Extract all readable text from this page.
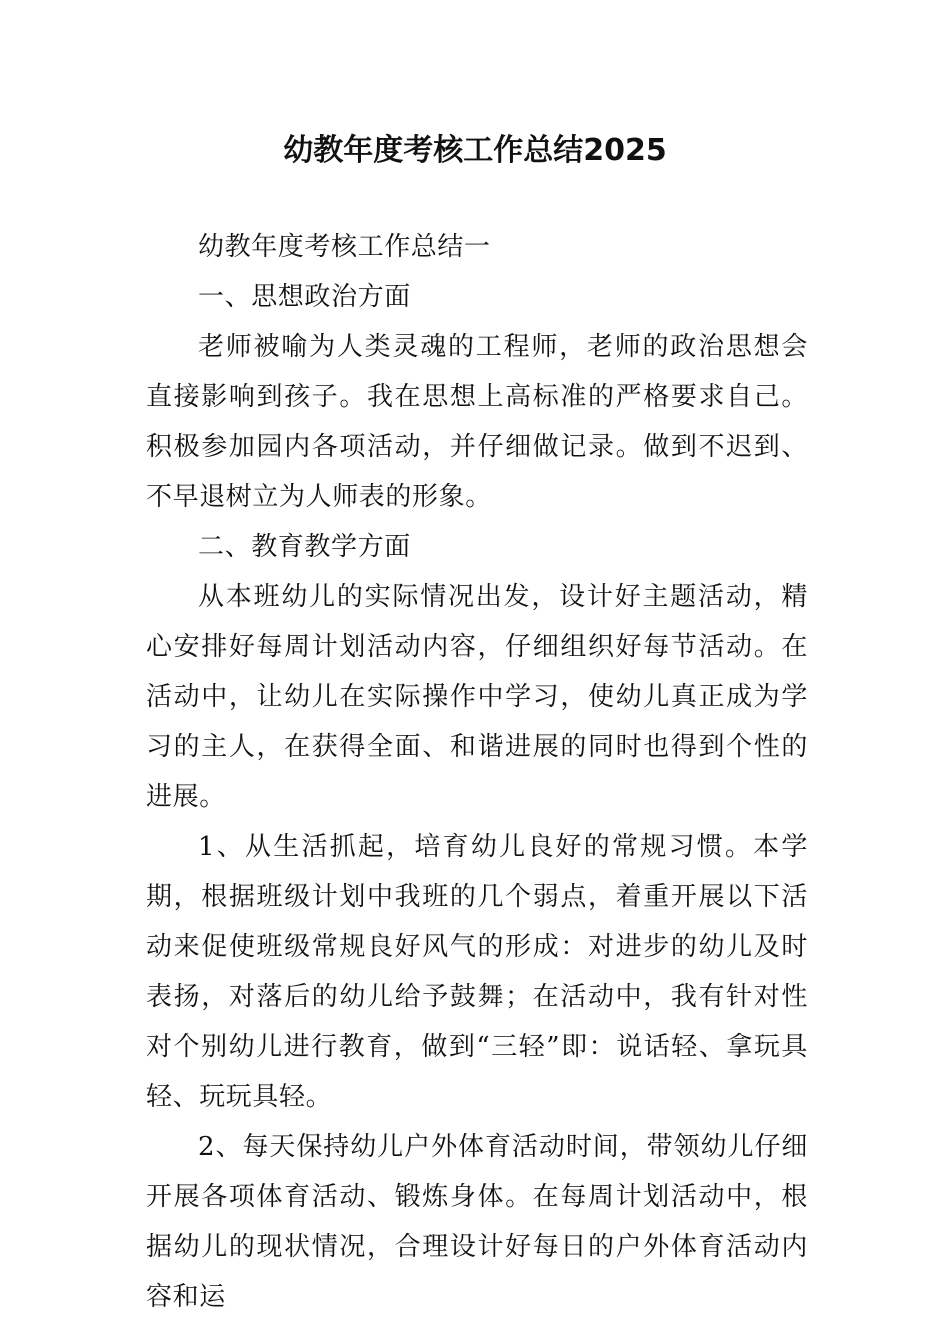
幼教年度考核工作总结2025

幼教年度考核工作总结一

一、思想政治方面

老师被喻为人类灵魂的工程师，老师的政治思想会直接影响到孩子。我在思想上高标准的严格要求自己。积极参加园内各项活动，并仔细做记录。做到不迟到、不早退树立为人师表的形象。

二、教育教学方面

从本班幼儿的实际情况出发，设计好主题活动，精心安排好每周计划活动内容，仔细组织好每节活动。在活动中，让幼儿在实际操作中学习，使幼儿真正成为学习的主人，在获得全面、和谐进展的同时也得到个性的进展。

1、从生活抓起，培育幼儿良好的常规习惯。本学期，根据班级计划中我班的几个弱点，着重开展以下活动来促使班级常规良好风气的形成：对进步的幼儿及时表扬，对落后的幼儿给予鼓舞；在活动中，我有针对性对个别幼儿进行教育，做到“三轻”即：说话轻、拿玩具轻、玩玩具轻。

2、每天保持幼儿户外体育活动时间，带领幼儿仔细开展各项体育活动、锻炼身体。在每周计划活动中，根据幼儿的现状情况，合理设计好每日的户外体育活动内容和运
